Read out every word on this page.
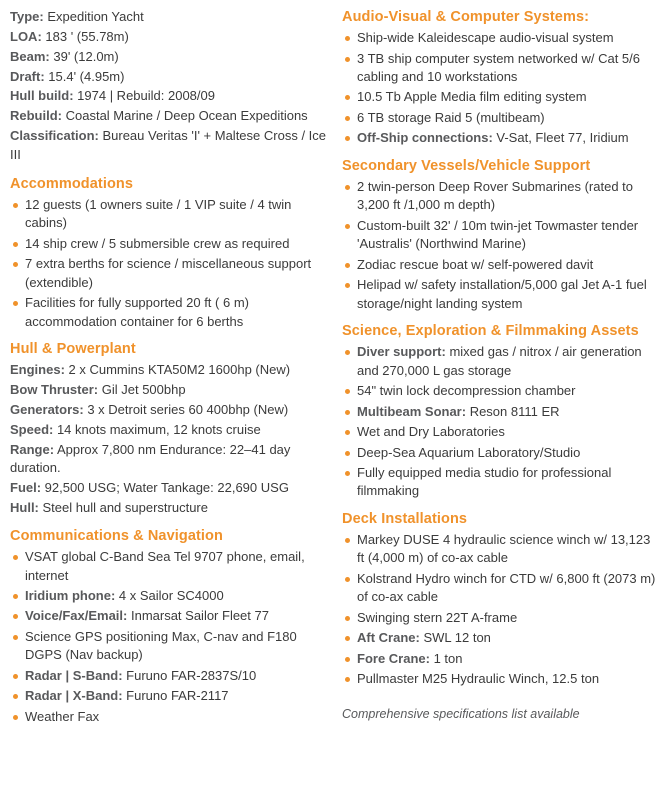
Type: Expedition Yacht

LOA: 183 ' (55.78m)

Beam: 39' (12.0m)

Draft: 15.4' (4.95m)

Hull build: 1974 | Rebuild: 2008/09

Rebuild: Coastal Marine / Deep Ocean Expeditions

Classification: Bureau Veritas 'I' + Maltese Cross / Ice III

Accommodations
12 guests (1 owners suite / 1 VIP suite / 4 twin cabins)
14 ship crew / 5 submersible crew as required
7 extra berths for science / miscellaneous support (extendible)
Facilities for fully supported 20 ft ( 6 m) accommodation container for 6 berths
Hull & Powerplant

Engines: 2 x Cummins KTA50M2 1600hp (New)

Bow Thruster: Gil Jet 500bhp

Generators: 3 x Detroit series 60 400bhp (New)

Speed: 14 knots maximum, 12 knots cruise

Range: Approx 7,800 nm Endurance: 22–41 day duration.

Fuel: 92,500 USG; Water Tankage: 22,690 USG

Hull: Steel hull and superstructure

Communications & Navigation
VSAT global C-Band Sea Tel 9707 phone, email, internet
Iridium phone: 4 x Sailor SC4000
Voice/Fax/Email: Inmarsat Sailor Fleet 77
Science GPS positioning Max, C-nav and F180 DGPS (Nav backup)
Radar | S-Band: Furuno FAR-2837S/10
Radar | X-Band: Furuno FAR-2117
Weather Fax
Audio-Visual & Computer Systems:
Ship-wide Kaleidescape audio-visual system
3 TB ship computer system networked w/ Cat 5/6 cabling and 10 workstations
10.5 Tb Apple Media film editing system
6 TB storage Raid 5 (multibeam)
Off-Ship connections: V-Sat, Fleet 77, Iridium
Secondary Vessels/Vehicle Support
2 twin-person Deep Rover Submarines (rated to 3,200 ft /1,000 m depth)
Custom-built 32' / 10m twin-jet Towmaster tender 'Australis' (Northwind Marine)
Zodiac rescue boat w/ self-powered davit
Helipad w/ safety installation/5,000 gal Jet A-1 fuel storage/night landing system
Science, Exploration & Filmmaking Assets
Diver support: mixed gas / nitrox / air generation and 270,000 L gas storage
54" twin lock decompression chamber
Multibeam Sonar: Reson 8111 ER
Wet and Dry Laboratories
Deep-Sea Aquarium Laboratory/Studio
Fully equipped media studio for professional filmmaking
Deck Installations
Markey DUSE 4 hydraulic science winch w/ 13,123 ft (4,000 m) of co-ax cable
Kolstrand Hydro winch for CTD w/ 6,800 ft (2073 m) of co-ax cable
Swinging stern 22T A-frame
Aft Crane: SWL 12 ton
Fore Crane: 1 ton
Pullmaster M25 Hydraulic Winch, 12.5 ton
Comprehensive specifications list available
